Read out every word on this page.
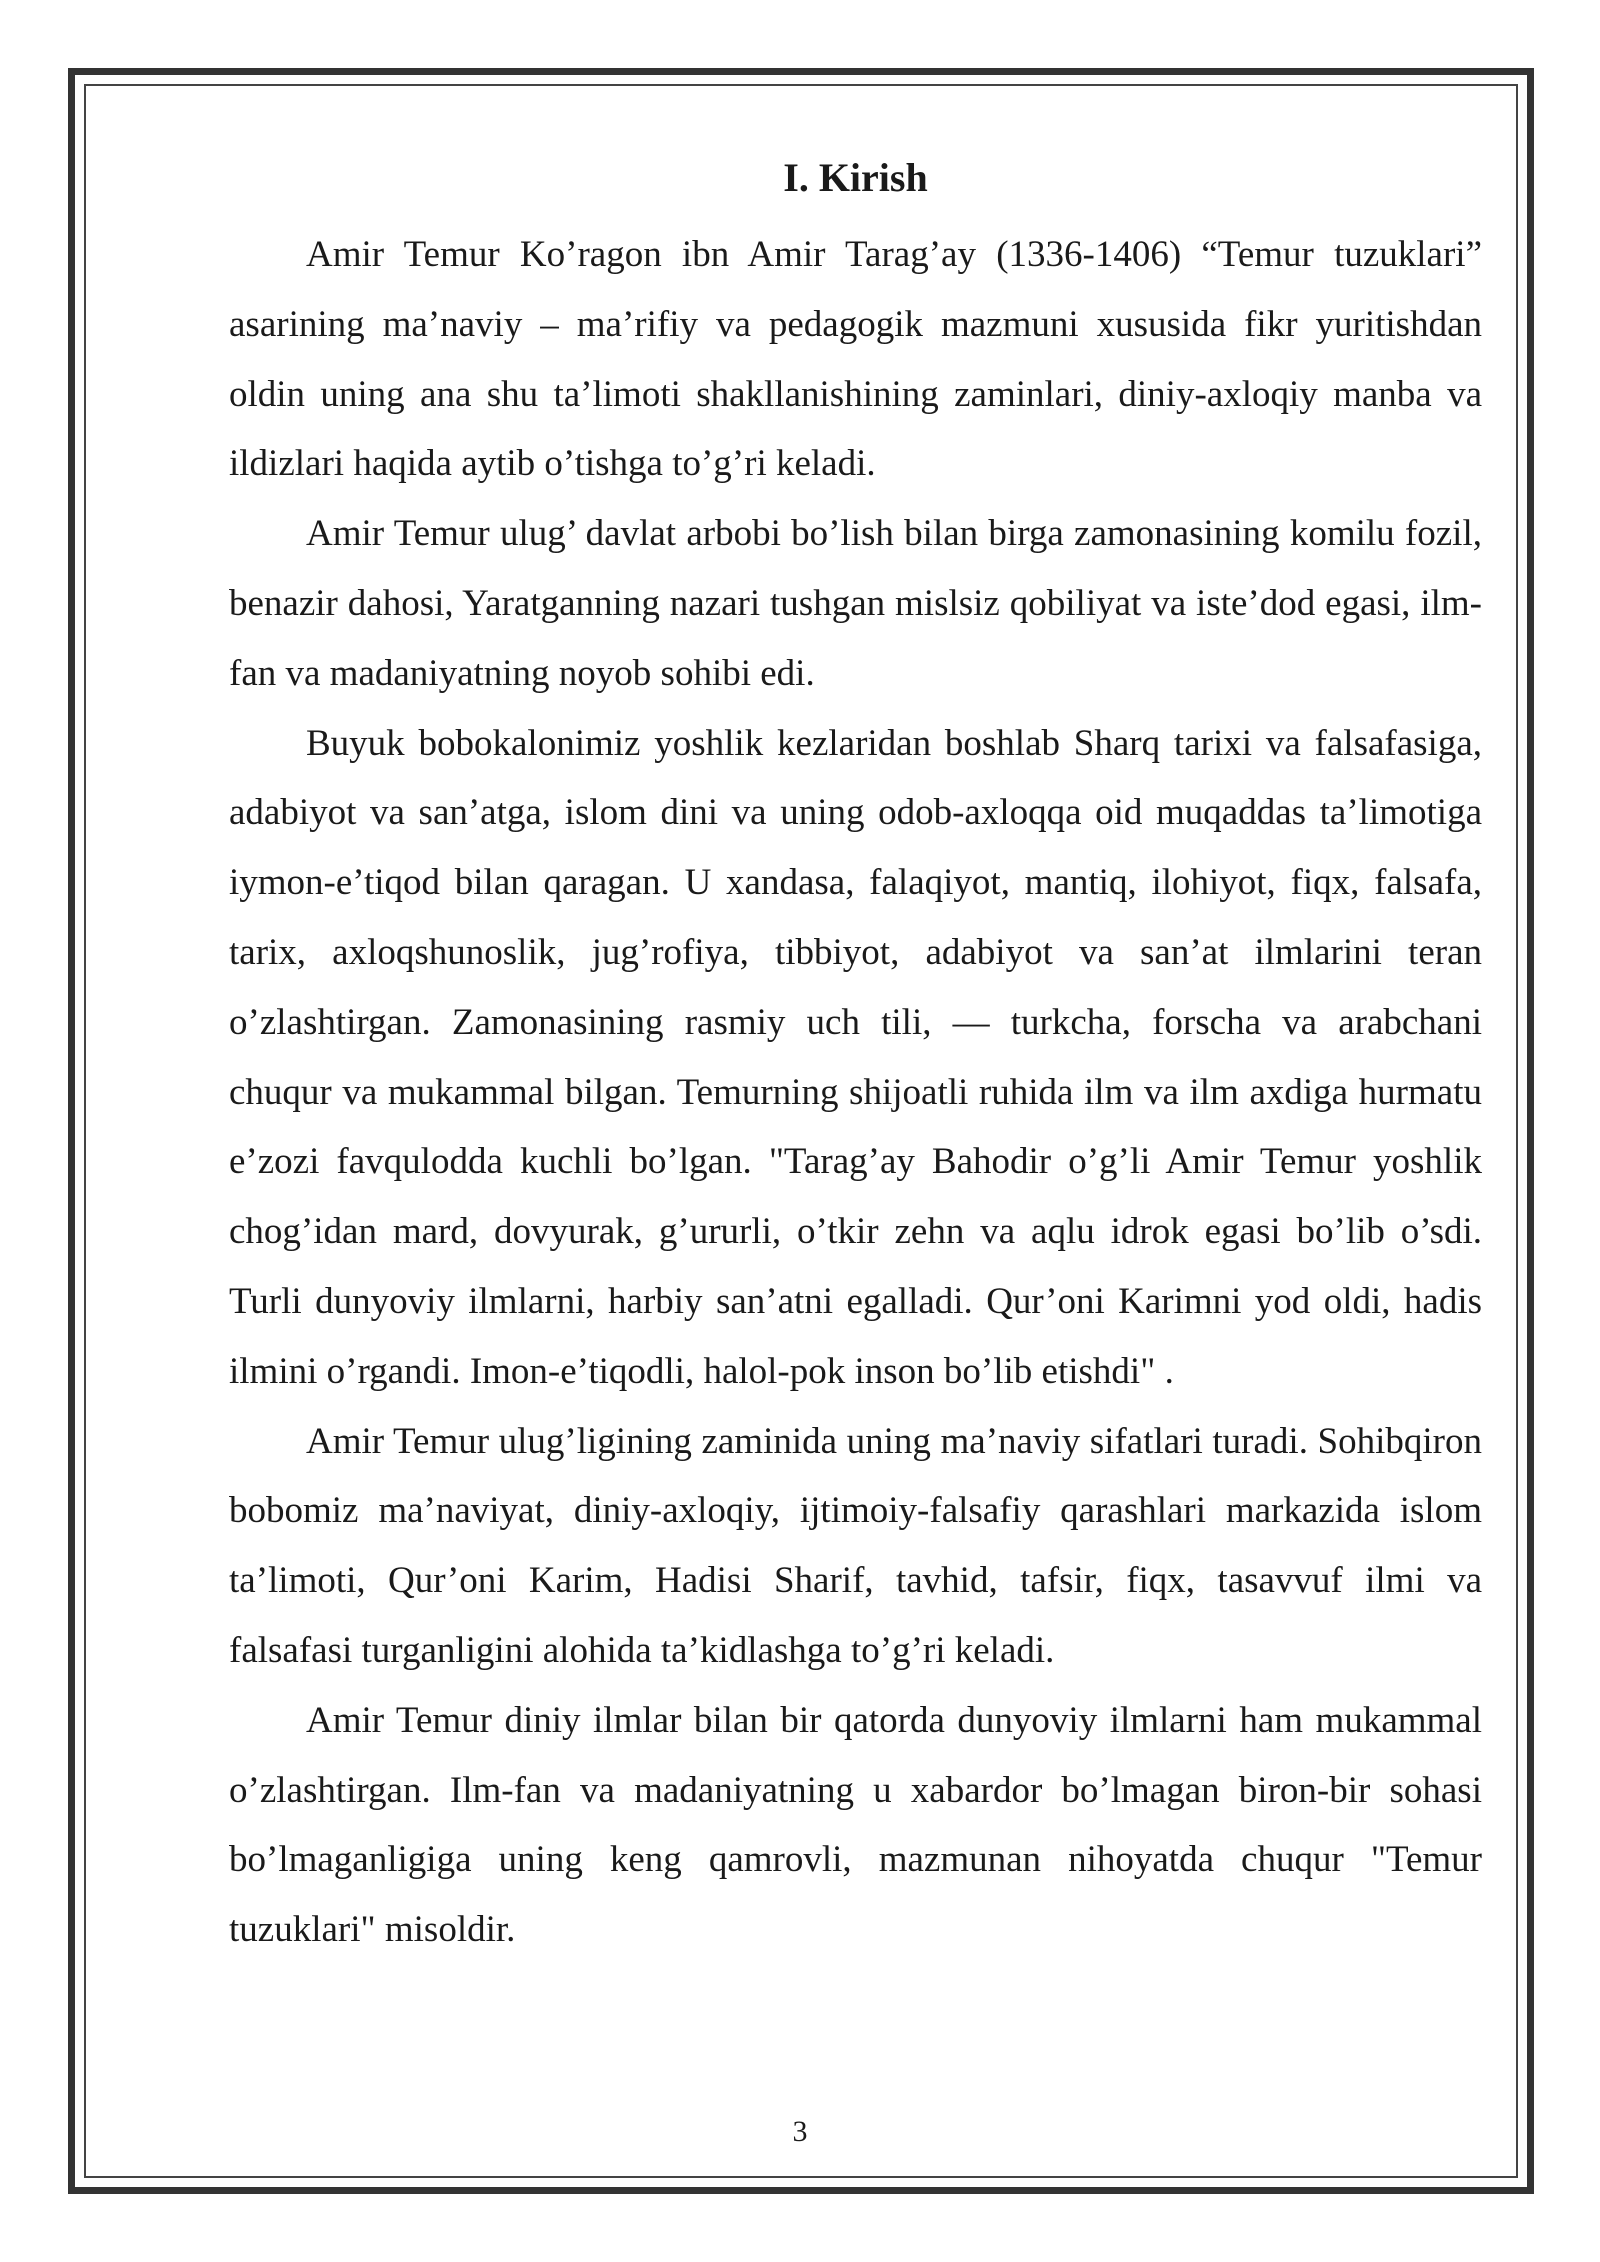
I. Kirish

Amir Temur Ko’ragon ibn Amir Tarag’ay (1336-1406) “Temur tuzuklari” asarining ma’naviy – ma’rifiy va pedagogik mazmuni xususida fikr yuritishdan oldin uning ana shu ta’limoti shakllanishining zaminlari, diniy-axloqiy manba va ildizlari haqida aytib o’tishga to’g’ri keladi.

Amir Temur ulug’ davlat arbobi bo’lish bilan birga zamonasining komilu fozil, benazir dahosi, Yaratganning nazari tushgan mislsiz qobiliyat va iste’dod egasi, ilm-fan va madaniyatning noyob sohibi edi.

Buyuk bobokalonimiz yoshlik kezlaridan boshlab Sharq tarixi va falsafasiga, adabiyot va san’atga, islom dini va uning odob-axloqqa oid muqaddas ta’limotiga iymon-e’tiqod bilan qaragan. U xandasa, falaqiyot, mantiq, ilohiyot, fiqx, falsafa, tarix, axloqshunoslik, jug’rofiya, tibbiyot, adabiyot va san’at ilmlarini teran o’zlashtirgan. Zamonasining rasmiy uch tili, — turkcha, forscha va arabchani chuqur va mukammal bilgan. Temurning shijoatli ruhida ilm va ilm axdiga hurmatu e’zozi favqulodda kuchli bo’lgan. "Tarag’ay Bahodir o’g’li Amir Temur yoshlik chog’idan mard, dovyurak, g’ururli, o’tkir zehn va aqlu idrok egasi bo’lib o’sdi. Turli dunyoviy ilmlarni, harbiy san’atni egalladi. Qur’oni Karimni yod oldi, hadis ilmini o’rgandi. Imon-e’tiqodli, halol-pok inson bo’lib etishdi" .

Amir Temur ulug’ligining zaminida uning ma’naviy sifatlari turadi. Sohibqiron bobomiz ma’naviyat, diniy-axloqiy, ijtimoiy-falsafiy qarashlari markazida islom ta’limoti, Qur’oni Karim, Hadisi Sharif, tavhid, tafsir, fiqx, tasavvuf ilmi va falsafasi turganligini alohida ta’kidlashga to’g’ri keladi.

Amir Temur diniy ilmlar bilan bir qatorda dunyoviy ilmlarni ham mukammal o’zlashtirgan. Ilm-fan va madaniyatning u xabardor bo’lmagan biron-bir sohasi bo’lmaganligiga uning keng qamrovli, mazmunan nihoyatda chuqur "Temur tuzuklari" misoldir.

3
